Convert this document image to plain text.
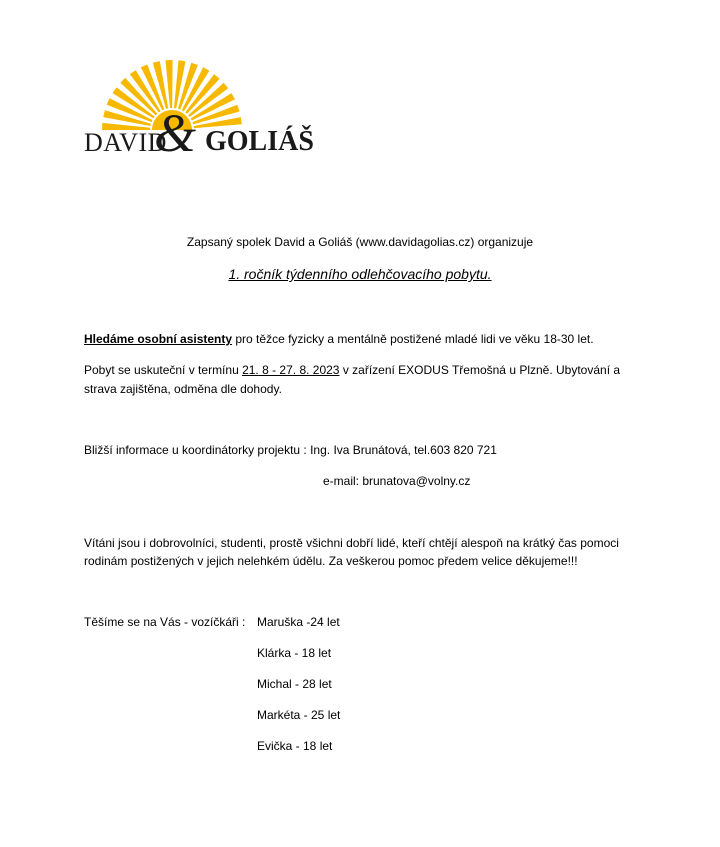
DAVID
& GOLIÁŠ
Zapsaný spolek David a Goliáš (www.davidagolias.cz) organizuje
1. ročník týdenního odlehčovacího pobytu.
Hledáme osobní asistenty pro těžce fyzicky a mentálně postižené mladé lidi ve věku 18-30 let.
Pobyt se uskuteční v termínu 21. 8 - 27. 8. 2023 v zařízení EXODUS Třemošná u Plzně. Ubytování a
strava zajištěna, odměna dle dohody.
Bližší informace u koordinátorky projektu : Ing. Iva Brunátová, tel.603 820 721
e-mail: brunatova@volny.cz
Vítáni jsou i dobrovolníci, studenti, prostě všichni dobří lidé, kteří chtějí alespoň na krátký čas pomoci
rodinám postižených v jejich nelehkém údělu. Za veškerou pomoc předem velice děkujeme!!!
Těšíme se na Vás - vozíčkáři : Maruška -24 let
Klárka - 18 let
Michal - 28 let
Markéta - 25 let
Evička - 18 let
